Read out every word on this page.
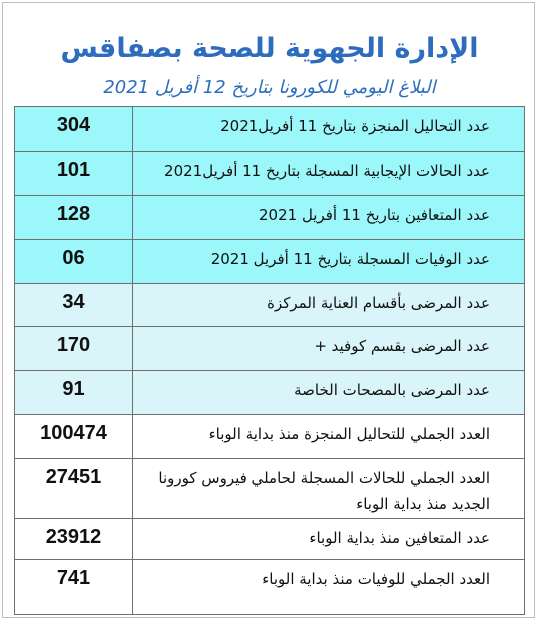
الإدارة الجهوية للصحة بصفاقس
البلاغ اليومي للكورونا بتاريخ 12 أفريل 2021
304	عدد التحاليل المنجزة بتاريخ 11 أفريل2021

101	عدد الحالات الإيجابية المسجلة بتاريخ 11 أفريل2021

128	عدد المتعافين بتاريخ 11 أفريل 2021

06	عدد الوفيات المسجلة بتاريخ 11 أفريل 2021

34	عدد المرضى بأقسام العناية المركزة

170	عدد المرضى بقسم كوفيد +

91	عدد المرضى بالمصحات الخاصة

100474	العدد الجملي للتحاليل المنجزة منذ بداية الوباء

27451	العدد الجملي للحالات المسجلة لحاملي فيروس كورونا الجديد منذ بداية الوباء

23912	عدد المتعافين منذ بداية الوباء

741	العدد الجملي للوفيات منذ بداية الوباء
